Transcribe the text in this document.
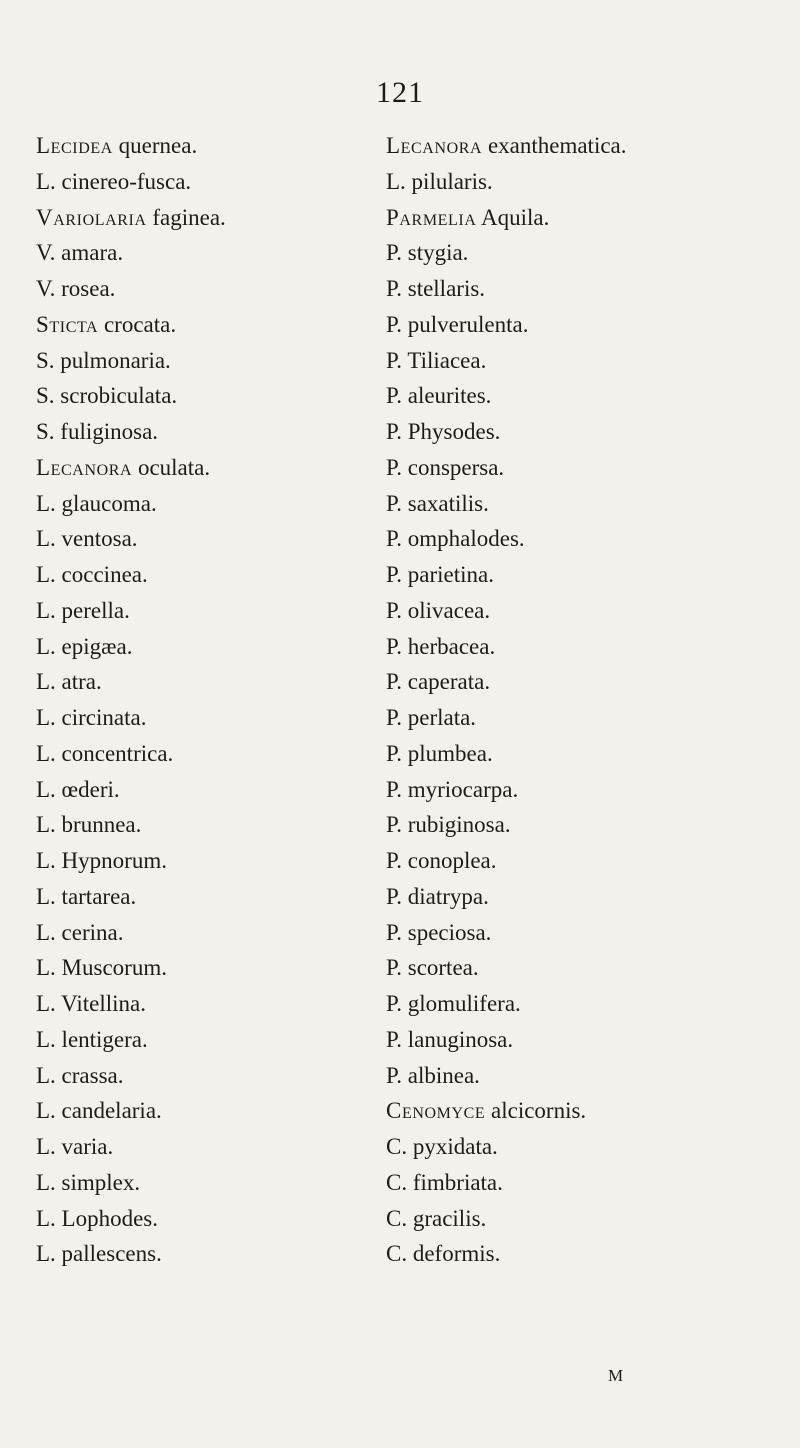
121
Lecidea quernea.
L. cinereo-fusca.
Variolaria faginea.
V. amara.
V. rosea.
Sticta crocata.
S. pulmonaria.
S. scrobiculata.
S. fuliginosa.
Lecanora oculata.
L. glaucoma.
L. ventosa.
L. coccinea.
L. perella.
L. epigæa.
L. atra.
L. circinata.
L. concentrica.
L. œderi.
L. brunnea.
L. Hypnorum.
L. tartarea.
L. cerina.
L. Muscorum.
L. Vitellina.
L. lentigera.
L. crassa.
L. candelaria.
L. varia.
L. simplex.
L. Lophodes.
L. pallescens.
Lecanora exanthematica.
L. pilularis.
Parmelia Aquila.
P. stygia.
P. stellaris.
P. pulverulenta.
P. Tiliacea.
P. aleurites.
P. Physodes.
P. conspersa.
P. saxatilis.
P. omphalodes.
P. parietina.
P. olivacea.
P. herbacea.
P. caperata.
P. perlata.
P. plumbea.
P. myriocarpa.
P. rubiginosa.
P. conoplea.
P. diatrypa.
P. speciosa.
P. scortea.
P. glomulifera.
P. lanuginosa.
P. albinea.
Cenomyce alcicornis.
C. pyxidata.
C. fimbriata.
C. gracilis.
C. deformis.
M
